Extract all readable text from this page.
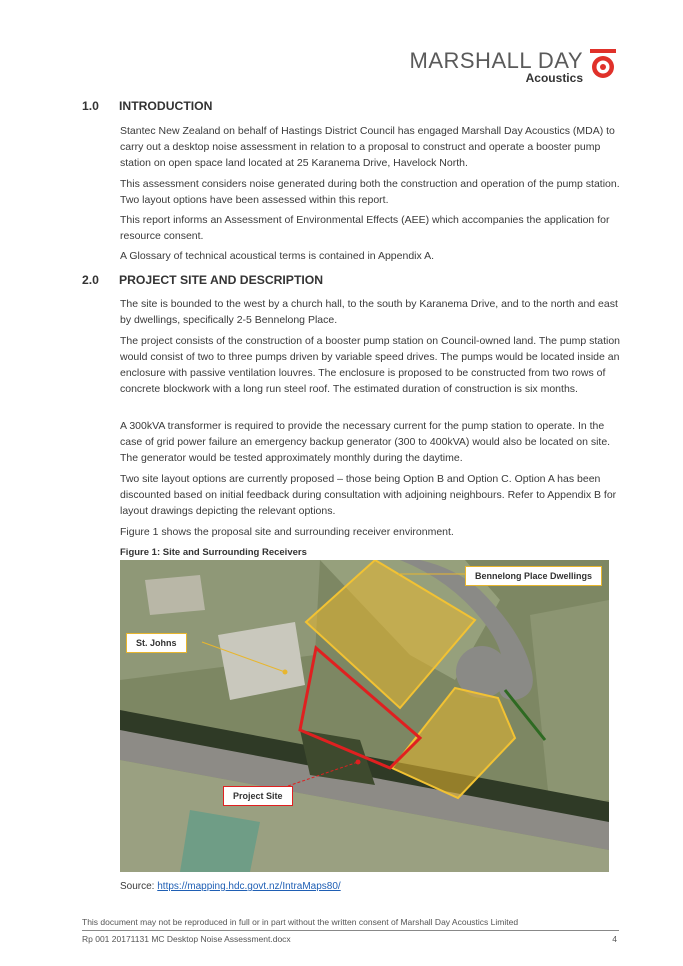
MARSHALL DAY
Acoustics
1.0 INTRODUCTION

Stantec New Zealand on behalf of Hastings District Council has engaged Marshall Day Acoustics (MDA) to carry out a desktop noise assessment in relation to a proposal to construct and operate a booster pump station on open space land located at 25 Karanema Drive, Havelock North.

This assessment considers noise generated during both the construction and operation of the pump station. Two layout options have been assessed within this report.

This report informs an Assessment of Environmental Effects (AEE) which accompanies the application for resource consent.

A Glossary of technical acoustical terms is contained in Appendix A.

2.0 PROJECT SITE AND DESCRIPTION

The site is bounded to the west by a church hall, to the south by Karanema Drive, and to the north and east by dwellings, specifically 2-5 Bennelong Place.

The project consists of the construction of a booster pump station on Council-owned land. The pump station would consist of two to three pumps driven by variable speed drives. The pumps would be located inside an enclosure with passive ventilation louvres. The enclosure is proposed to be constructed from two rows of concrete blockwork with a long run steel roof. The estimated duration of construction is six months.

A 300kVA transformer is required to provide the necessary current for the pump station to operate. In the case of grid power failure an emergency backup generator (300 to 400kVA) would also be located on site. The generator would be tested approximately monthly during the daytime.

Two site layout options are currently proposed – those being Option B and Option C. Option A has been discounted based on initial feedback during consultation with adjoining neighbours. Refer to Appendix B for layout drawings depicting the relevant options.

Figure 1 shows the proposal site and surrounding receiver environment.

Figure 1: Site and Surrounding Receivers
Bennelong Place Dwellings
St. Johns
Project Site
Source: https://mapping.hdc.govt.nz/IntraMaps80/
This document may not be reproduced in full or in part without the written consent of Marshall Day Acoustics Limited
Rp 001 20171131 MC Desktop Noise Assessment.docx	4
